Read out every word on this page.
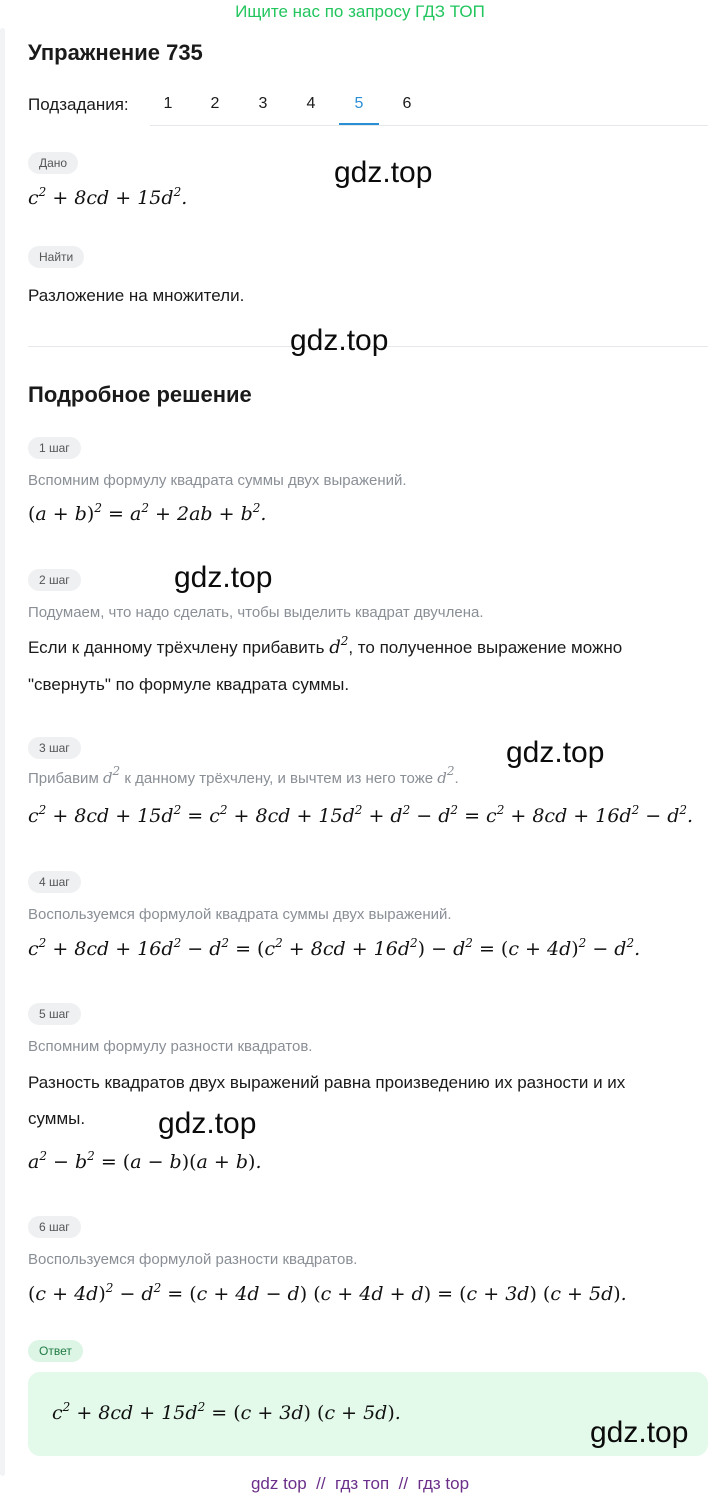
Ищите нас по запросу ГДЗ ТОП
Упражнение 735
Подзадания:	1	2	3	4	5	6
Дано
$c^2 + 8cd + 15d^2$.
Найти
Разложение на множители.
Подробное решение
1 шаг
Вспомним формулу квадрата суммы двух выражений.
$(a + b)^2 = a^2 + 2ab + b^2$.
2 шаг
Подумаем, что надо сделать, чтобы выделить квадрат двучлена.
Если к данному трёхчлену прибавить $d^2$, то полученное выражение можно
"свернуть" по формуле квадрата суммы.
3 шаг
Прибавим $d^2$ к данному трёхчлену, и вычтем из него тоже $d^2$.
$c^2 + 8cd + 15d^2 = c^2 + 8cd + 15d^2 + d^2 - d^2 = c^2 + 8cd + 16d^2 - d^2$.
4 шаг
Воспользуемся формулой квадрата суммы двух выражений.
$c^2 + 8cd + 16d^2 - d^2 = (c^2 + 8cd + 16d^2) - d^2 = (c + 4d)^2 - d^2$.
5 шаг
Вспомним формулу разности квадратов.
Разность квадратов двух выражений равна произведению их разности и их
суммы.
$a^2 - b^2 = (a - b)(a + b)$.
6 шаг
Воспользуемся формулой разности квадратов.
$(c + 4d)^2 - d^2 = (c + 4d - d)$ (c + 4d + d) = (c + 3d) (c + 5d).
Ответ
$c^2 + 8cd + 15d^2 = (c + 3d) (c + 5d)$.
gdz.top
gdz.top
gdz.top
gdz.top
gdz.top
gdz.top
gdz top  //  гдз топ  //  гдз top
